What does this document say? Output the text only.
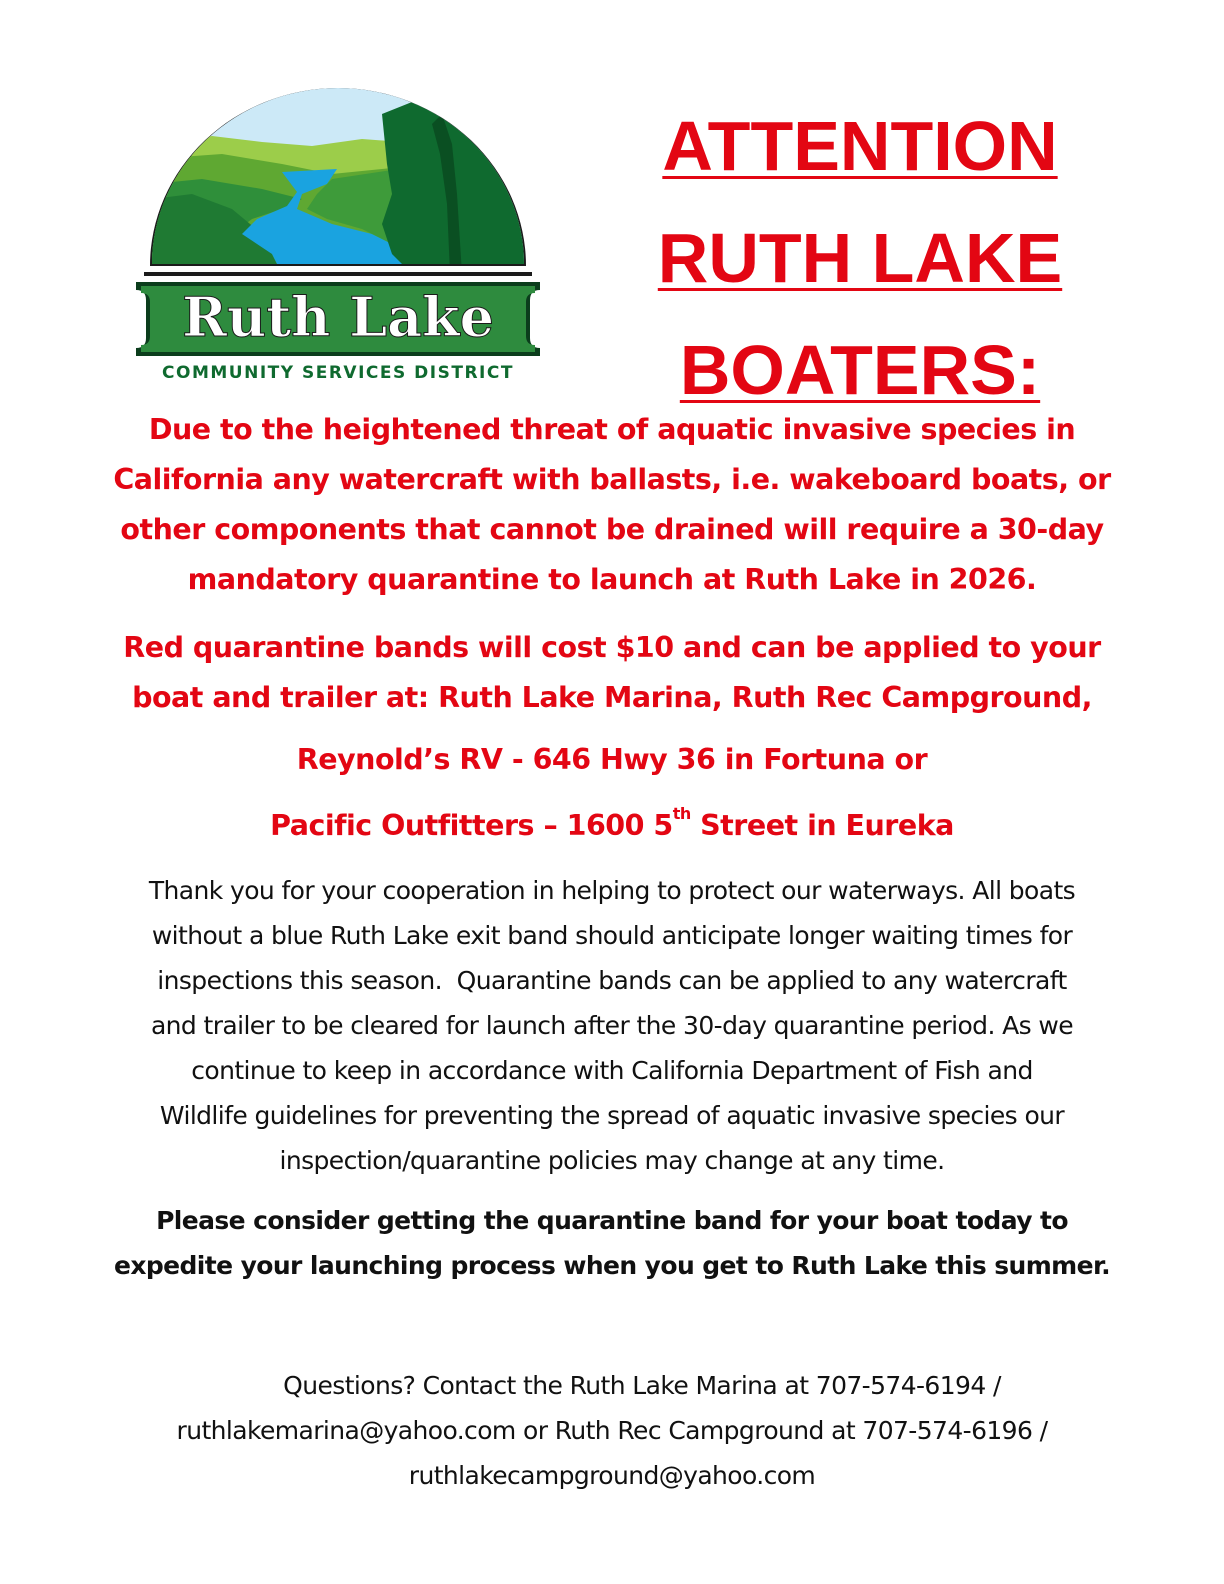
Ruth Lake
COMMUNITY SERVICES DISTRICT
ATTENTION
RUTH LAKE
BOATERS:
Due to the heightened threat of aquatic invasive species in
California any watercraft with ballasts, i.e. wakeboard boats, or
other components that cannot be drained will require a 30-day
mandatory quarantine to launch at Ruth Lake in 2026.
Red quarantine bands will cost $10 and can be applied to your
boat and trailer at: Ruth Lake Marina, Ruth Rec Campground,
Reynold’s RV - 646 Hwy 36 in Fortuna or
Pacific Outfitters – 1600 5th Street in Eureka
Thank you for your cooperation in helping to protect our waterways. All boats
without a blue Ruth Lake exit band should anticipate longer waiting times for
inspections this season.  Quarantine bands can be applied to any watercraft
and trailer to be cleared for launch after the 30-day quarantine period. As we
continue to keep in accordance with California Department of Fish and
Wildlife guidelines for preventing the spread of aquatic invasive species our
inspection/quarantine policies may change at any time.
Please consider getting the quarantine band for your boat today to
expedite your launching process when you get to Ruth Lake this summer.
Questions? Contact the Ruth Lake Marina at 707-574-6194 /
ruthlakemarina@yahoo.com or Ruth Rec Campground at 707-574-6196 /
ruthlakecampground@yahoo.com
